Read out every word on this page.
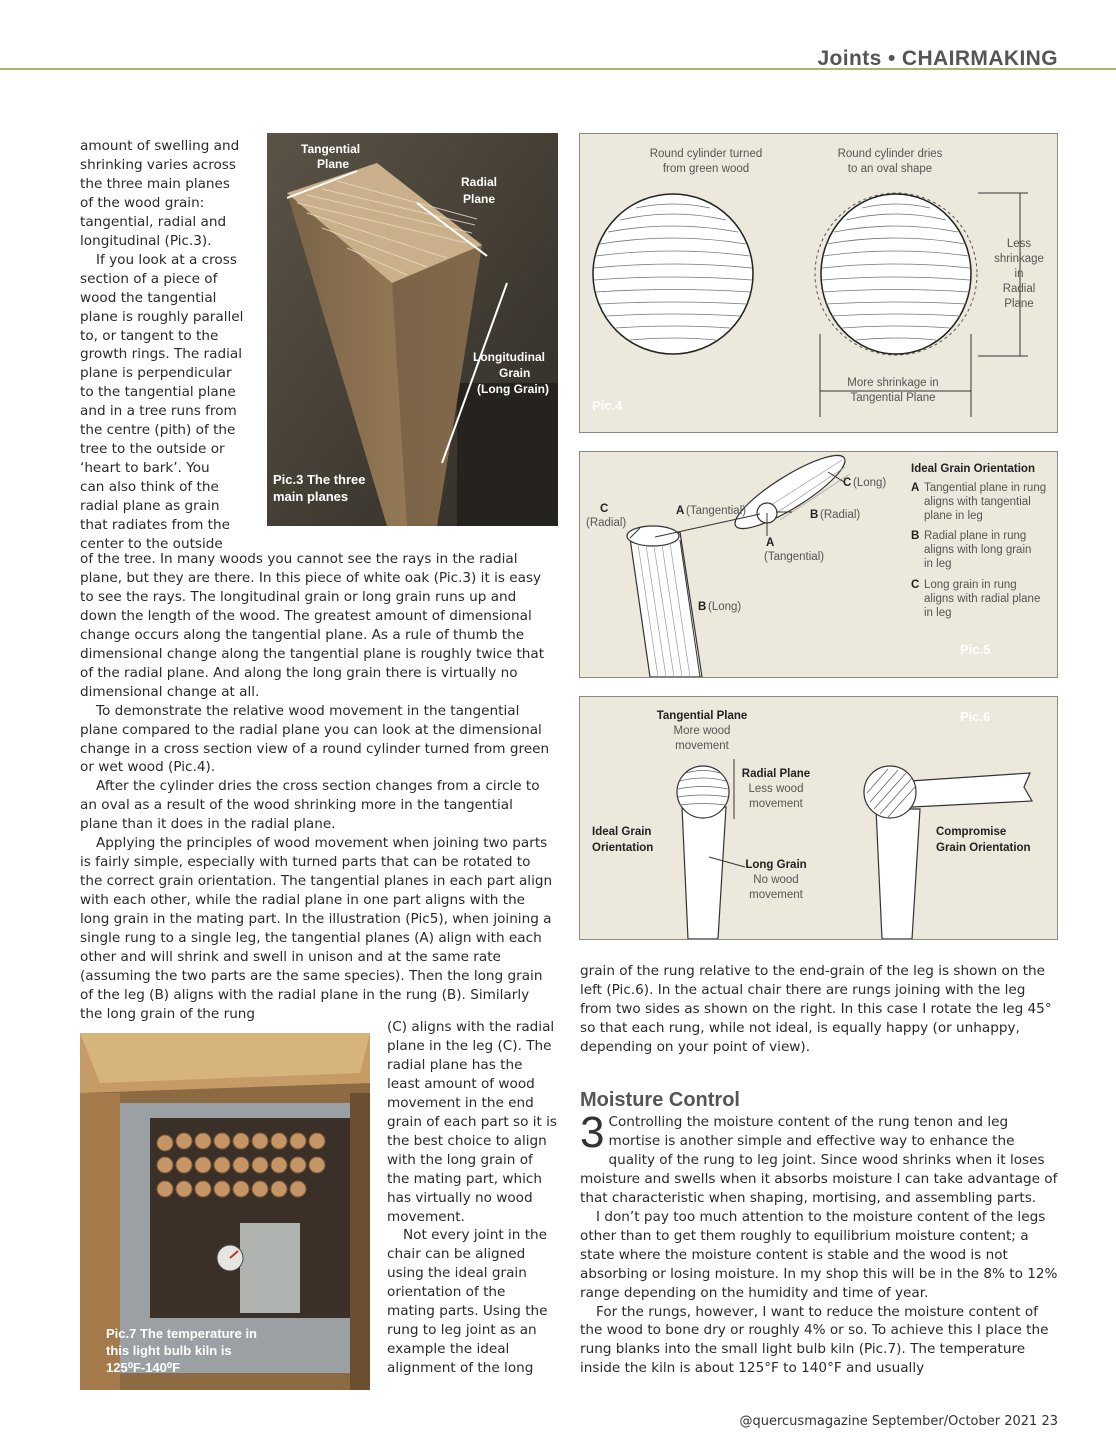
Joints • CHAIRMAKING
amount of swelling and
shrinking varies across
the three main planes
of the wood grain:
tangential, radial and
longitudinal (Pic.3).
If you look at a cross
section of a piece of
wood the tangential
plane is roughly parallel
to, or tangent to the
growth rings. The radial
plane is perpendicular
to the tangential plane
and in a tree runs from
the centre (pith) of the
tree to the outside or
‘heart to bark’. You
can also think of the
radial plane as grain
that radiates from the
center to the outside
Tangential
Plane
Radial
Plane
Longitudinal
Grain
(Long Grain)
Pic.3 The three main planes

of the tree. In many woods you cannot see the rays in the radial plane, but they are there. In this piece of white oak (Pic.3) it is easy to see the rays. The longitudinal grain or long grain runs up and down the length of the wood. The greatest amount of dimensional change occurs along the tangential plane. As a rule of thumb the dimensional change along the tangential plane is roughly twice that of the radial plane. And along the long grain there is virtually no dimensional change at all.

To demonstrate the relative wood movement in the tangential plane compared to the radial plane you can look at the dimensional change in a cross section view of a round cylinder turned from green or wet wood (Pic.4).

After the cylinder dries the cross section changes from a circle to an oval as a result of the wood shrinking more in the tangential plane than it does in the radial plane.

Applying the principles of wood movement when joining two parts is fairly simple, especially with turned parts that can be rotated to the correct grain orientation. The tangential planes in each part align with each other, while the radial plane in one part aligns with the long grain in the mating part. In the illustration (Pic5), when joining a single rung to a single leg, the tangential planes (A) align with each other and will shrink and swell in unison and at the same rate (assuming the two parts are the same species). Then the long grain of the leg (B) aligns with the radial plane in the rung (B). Similarly the long grain of the rung

Pic.7 The temperature in this light bulb kiln is 125⁰F-140⁰F

(C) aligns with the radial plane in the leg (C). The radial plane has the least amount of wood movement in the end grain of each part so it is the best choice to align with the long grain of the mating part, which has virtually no wood movement.

Not every joint in the chair can be aligned using the ideal grain orientation of the mating parts. Using the rung to leg joint as an example the ideal alignment of the long

Round cylinder turned
from green wood
Round cylinder dries
to an oval shape
Less
shrinkage
in
Radial
Plane
More shrinkage in
Tangential Plane
Pic.4
C
(Radial)
A (Tangential)
A
(Tangential)
B (Radial)
C (Long)
B (Long)
Ideal Grain Orientation
A Tangential plane in rung
aligns with tangential
plane in leg
B Radial plane in rung
aligns with long grain
in leg
C Long grain in rung
aligns with radial plane
in leg
Pic.5
Tangential Plane
More wood
movement
Radial Plane
Less wood
movement
Long Grain
No wood
movement
Ideal Grain
Orientation
Compromise
Grain Orientation
Pic.6
grain of the rung relative to the end-grain of the leg is shown on the left (Pic.6). In the actual chair there are rungs joining with the leg from two sides as shown on the right. In this case I rotate the leg 45° so that each rung, while not ideal, is equally happy (or unhappy, depending on your point of view).
Moisture Control

3 Controlling the moisture content of the rung tenon and leg mortise is another simple and effective way to enhance the quality of the rung to leg joint. Since wood shrinks when it loses moisture and swells when it absorbs moisture I can take advantage of that characteristic when shaping, mortising, and assembling parts.

I don’t pay too much attention to the moisture content of the legs other than to get them roughly to equilibrium moisture content; a state where the moisture content is stable and the wood is not absorbing or losing moisture. In my shop this will be in the 8% to 12% range depending on the humidity and time of year.

For the rungs, however, I want to reduce the moisture content of the wood to bone dry or roughly 4% or so. To achieve this I place the rung blanks into the small light bulb kiln (Pic.7). The temperature inside the kiln is about 125°F to 140°F and usually

@quercusmagazine September/October 2021 23
